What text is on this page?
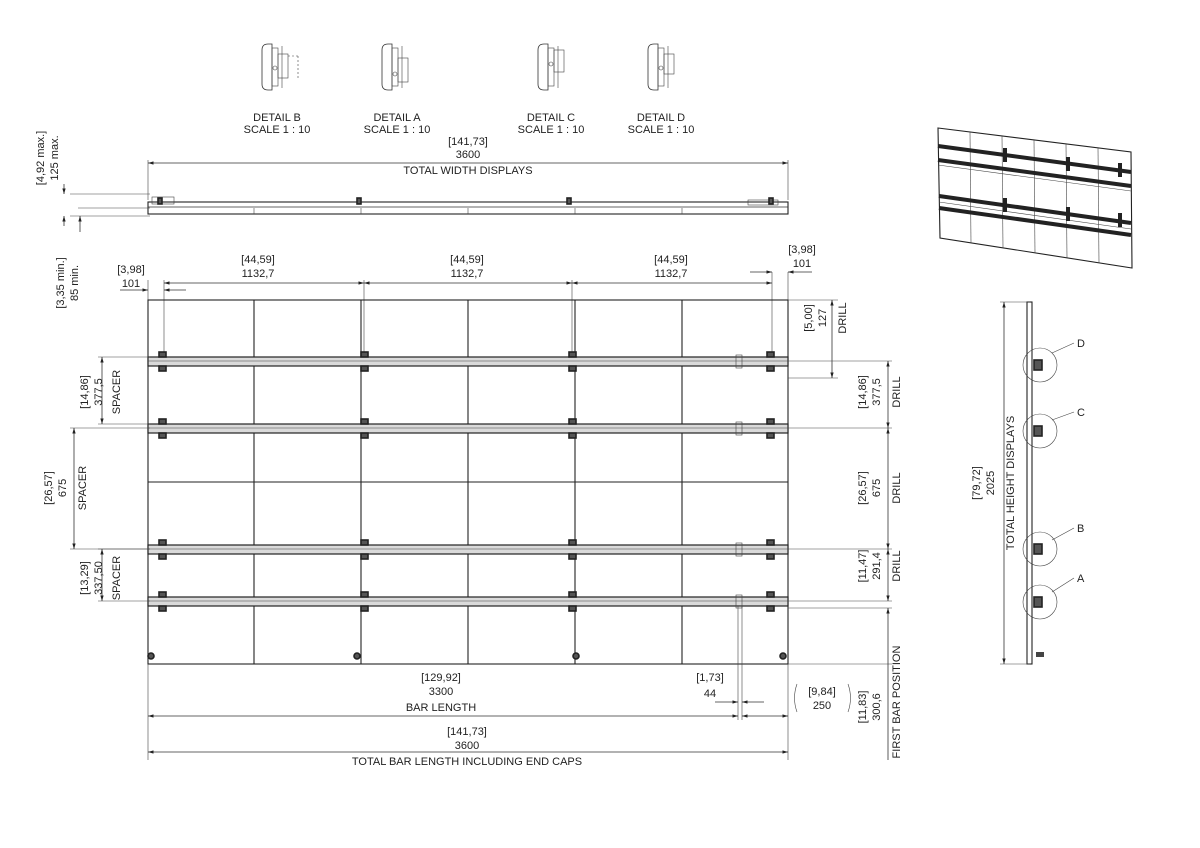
DETAIL B
SCALE 1 : 10
DETAIL A
SCALE 1 : 10
DETAIL C
SCALE 1 : 10
DETAIL D
SCALE 1 : 10
[141,73]
3600
TOTAL WIDTH DISPLAYS
[4,92 max.] 125 max.
[3,35 min.] 85 min.	[3,98]
101
[44,59]
1132,7
[44,59]
1132,7
[44,59]
1132,7
[3,98]
101
[5,00] 127 DRILL
[14,86] 377,5 SPACER
[26,57] 675 SPACER
[13,29] 337,50 SPACER
[14,86] 377,5 DRILL
[26,57] 675 DRILL
[11,47] 291,4 DRILL
[11,83] 300,6 FIRST BAR POSITION
[129,92]
3300
BAR LENGTH
[1,73]
44	[9,84]
250
[141,73]
3600
TOTAL BAR LENGTH INCLUDING END CAPS
[79,72] 2025 TOTAL HEIGHT DISPLAYS
D
C
B
A
